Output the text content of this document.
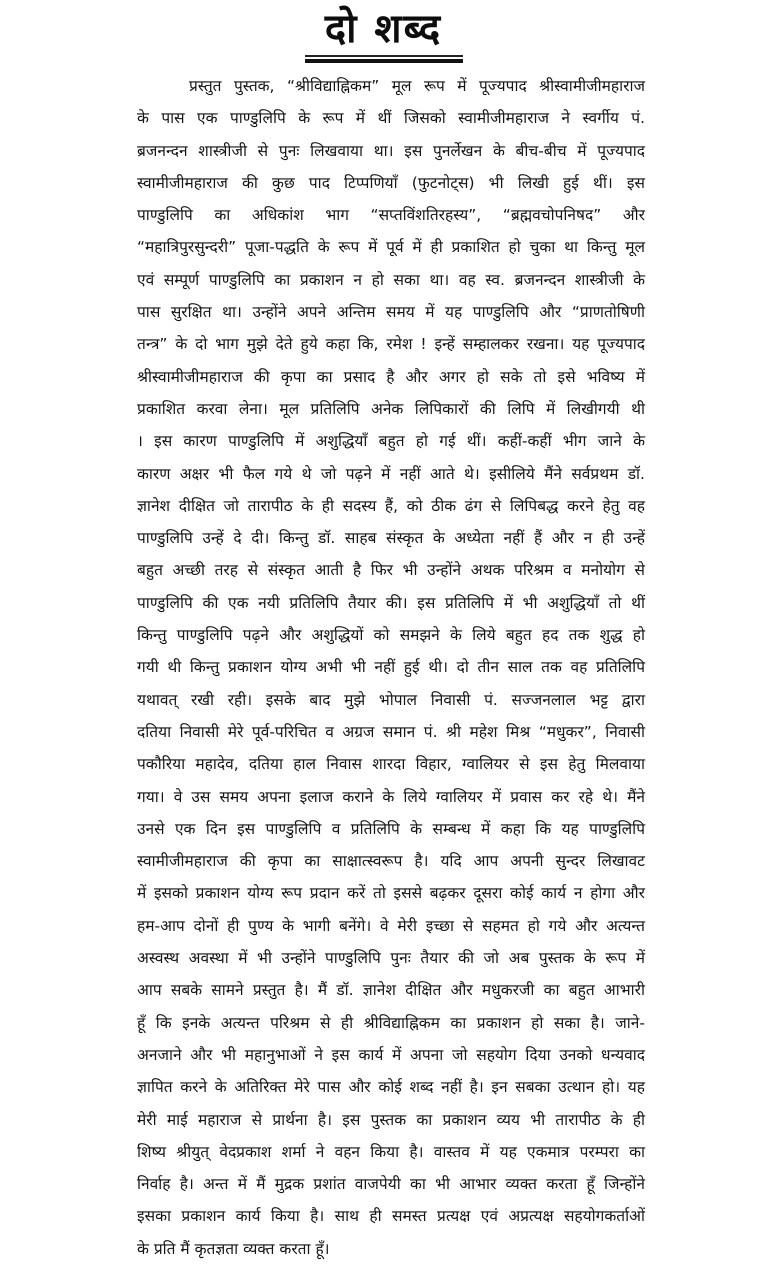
दो शब्द
प्रस्तुत पुस्तक, “श्रीविद्याह्निकम” मूल रूप में पूज्यपाद श्रीस्वामीजीमहाराज
के पास एक पाण्डुलिपि के रूप में थीं जिसको स्वामीजीमहाराज ने स्वर्गीय पं.
ब्रजनन्दन शास्त्रीजी से पुनः लिखवाया था। इस पुनर्लेखन के बीच-बीच में पूज्यपाद
स्वामीजीमहाराज की कुछ पाद टिप्पणियाँ (फुटनोट्स) भी लिखी हुई थीं। इस
पाण्डुलिपि का अधिकांश भाग “सप्तविंशतिरहस्य”, “ब्रह्मवचोपनिषद” और
“महात्रिपुरसुन्दरी” पूजा-पद्धति के रूप में पूर्व में ही प्रकाशित हो चुका था किन्तु मूल
एवं सम्पूर्ण पाण्डुलिपि का प्रकाशन न हो सका था। वह स्व. ब्रजनन्दन शास्त्रीजी के
पास सुरक्षित था। उन्होंने अपने अन्तिम समय में यह पाण्डुलिपि और “प्राणतोषिणी
तन्त्र” के दो भाग मुझे देते हुये कहा कि, रमेश ! इन्हें सम्हालकर रखना। यह पूज्यपाद
श्रीस्वामीजीमहाराज की कृपा का प्रसाद है और अगर हो सके तो इसे भविष्य में
प्रकाशित करवा लेना। मूल प्रतिलिपि अनेक लिपिकारों की लिपि में लिखीगयी थी
। इस कारण पाण्डुलिपि में अशुद्धियाँ बहुत हो गई थीं। कहीं-कहीं भीग जाने के
कारण अक्षर भी फैल गये थे जो पढ़ने में नहीं आते थे। इसीलिये मैंने सर्वप्रथम डॉ.
ज्ञानेश दीक्षित जो तारापीठ के ही सदस्य हैं, को ठीक ढंग से लिपिबद्ध करने हेतु वह
पाण्डुलिपि उन्हें दे दी। किन्तु डॉ. साहब संस्कृत के अध्येता नहीं हैं और न ही उन्हें
बहुत अच्छी तरह से संस्कृत आती है फिर भी उन्होंने अथक परिश्रम व मनोयोग से
पाण्डुलिपि की एक नयी प्रतिलिपि तैयार की। इस प्रतिलिपि में भी अशुद्धियाँ तो थीं
किन्तु पाण्डुलिपि पढ़ने और अशुद्धियों को समझने के लिये बहुत हद तक शुद्ध हो
गयी थी किन्तु प्रकाशन योग्य अभी भी नहीं हुई थी। दो तीन साल तक वह प्रतिलिपि
यथावत् रखी रही। इसके बाद मुझे भोपाल निवासी पं. सज्जनलाल भट्ट द्वारा
दतिया निवासी मेरे पूर्व-परिचित व अग्रज समान पं. श्री महेश मिश्र “मधुकर”, निवासी
पकौरिया महादेव, दतिया हाल निवास शारदा विहार, ग्वालियर से इस हेतु मिलवाया
गया। वे उस समय अपना इलाज कराने के लिये ग्वालियर में प्रवास कर रहे थे। मैंने
उनसे एक दिन इस पाण्डुलिपि व प्रतिलिपि के सम्बन्ध में कहा कि यह पाण्डुलिपि
स्वामीजीमहाराज की कृपा का साक्षात्स्वरूप है। यदि आप अपनी सुन्दर लिखावट
में इसको प्रकाशन योग्य रूप प्रदान करें तो इससे बढ़कर दूसरा कोई कार्य न होगा और
हम-आप दोनों ही पुण्य के भागी बनेंगे। वे मेरी इच्छा से सहमत हो गये और अत्यन्त
अस्वस्थ अवस्था में भी उन्होंने पाण्डुलिपि पुनः तैयार की जो अब पुस्तक के रूप में
आप सबके सामने प्रस्तुत है। मैं डॉ. ज्ञानेश दीक्षित और मधुकरजी का बहुत आभारी
हूँ कि इनके अत्यन्त परिश्रम से ही श्रीविद्याह्निकम का प्रकाशन हो सका है। जाने-
अनजाने और भी महानुभाओं ने इस कार्य में अपना जो सहयोग दिया उनको धन्यवाद
ज्ञापित करने के अतिरिक्त मेरे पास और कोई शब्द नहीं है। इन सबका उत्थान हो। यह
मेरी माई महाराज से प्रार्थना है। इस पुस्तक का प्रकाशन व्यय भी तारापीठ के ही
शिष्य श्रीयुत् वेदप्रकाश शर्मा ने वहन किया है। वास्तव में यह एकमात्र परम्परा का
निर्वाह है। अन्त में मैं मुद्रक प्रशांत वाजपेयी का भी आभार व्यक्त करता हूँ जिन्होंने
इसका प्रकाशन कार्य किया है। साथ ही समस्त प्रत्यक्ष एवं अप्रत्यक्ष सहयोगकर्ताओं
के प्रति मैं कृतज्ञता व्यक्त करता हूँ।
